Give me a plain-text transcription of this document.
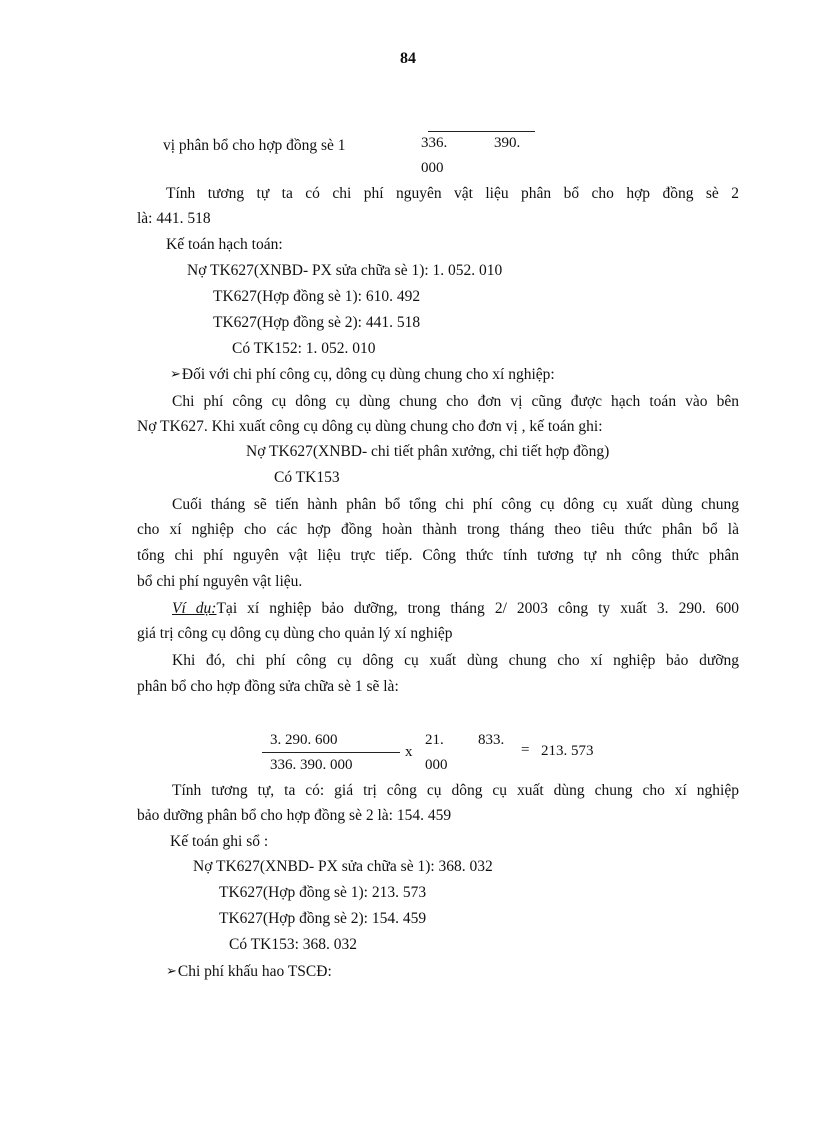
84
vị phân bổ cho hợp đồng sè 1	336.	390.
000
Tính tương tự ta có chi phí nguyên vật liệu phân bổ cho hợp đồng sè 2
là: 441. 518
Kế toán hạch toán:
Nợ TK627(XNBD- PX sửa chữa sè 1): 1. 052. 010
TK627(Hợp đồng sè 1): 610. 492
TK627(Hợp đồng sè 2): 441. 518
Có TK152: 1. 052. 010
➢Đối với chi phí công cụ, dông cụ dùng chung cho xí nghiệp:
Chi phí công cụ dông cụ dùng chung cho đơn vị cũng được hạch toán vào bên
Nợ TK627. Khi xuất công cụ dông cụ dùng chung cho đơn vị , kế toán ghi:
Nợ TK627(XNBD- chi tiết phân xưởng, chi tiết hợp đồng)
Có TK153
Cuối tháng sẽ tiến hành phân bổ tổng chi phí công cụ dông cụ xuất dùng chung
cho xí nghiệp cho các hợp đồng hoàn thành trong tháng theo tiêu thức phân bổ là
tổng chi phí nguyên vật liệu trực tiếp. Công thức tính tương tự nh công thức phân
bổ chi phí nguyên vật liệu.
Ví dụ:Tại xí nghiệp bảo dưỡng, trong tháng 2/ 2003 công ty xuất 3. 290. 600
giá trị công cụ dông cụ dùng cho quản lý xí nghiệp
Khi đó, chi phí công cụ dông cụ xuất dùng chung cho xí nghiệp bảo dưỡng
phân bổ cho hợp đồng sửa chữa sè 1 sẽ là:
3. 290. 600
336. 390. 000
x
21. 833.
000
= 213. 573
Tính tương tự, ta có: giá trị công cụ dông cụ xuất dùng chung cho xí nghiệp
bảo dưỡng phân bổ cho hợp đồng sè 2 là: 154. 459
Kế toán ghi sổ :
Nợ TK627(XNBD- PX sửa chữa sè 1): 368. 032
TK627(Hợp đồng sè 1): 213. 573
TK627(Hợp đồng sè 2): 154. 459
Có TK153: 368. 032
➢Chi phí khấu hao TSCĐ:
